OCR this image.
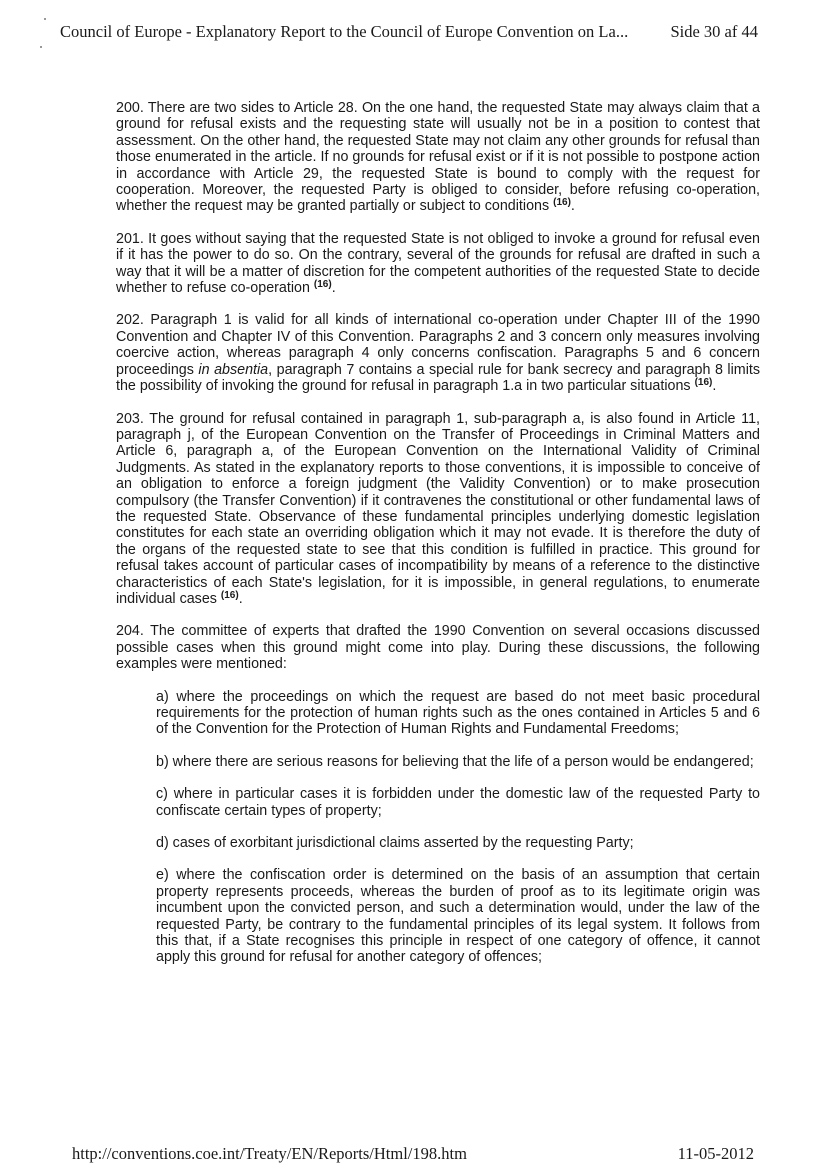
Council of Europe - Explanatory Report to the Council of Europe Convention on La...	Side 30 af 44

200. There are two sides to Article 28. On the one hand, the requested State may always claim that a ground for refusal exists and the requesting state will usually not be in a position to contest that assessment. On the other hand, the requested State may not claim any other grounds for refusal than those enumerated in the article. If no grounds for refusal exist or if it is not possible to postpone action in accordance with Article 29, the requested State is bound to comply with the request for cooperation. Moreover, the requested Party is obliged to consider, before refusing co-operation, whether the request may be granted partially or subject to conditions $^{(16)}$.

201. It goes without saying that the requested State is not obliged to invoke a ground for refusal even if it has the power to do so. On the contrary, several of the grounds for refusal are drafted in such a way that it will be a matter of discretion for the competent authorities of the requested State to decide whether to refuse co-operation $^{(16)}$.

202. Paragraph 1 is valid for all kinds of international co-operation under Chapter III of the 1990 Convention and Chapter IV of this Convention. Paragraphs 2 and 3 concern only measures involving coercive action, whereas paragraph 4 only concerns confiscation. Paragraphs 5 and 6 concern proceedings in absentia, paragraph 7 contains a special rule for bank secrecy and paragraph 8 limits the possibility of invoking the ground for refusal in paragraph 1.a in two particular situations $^{(16)}$.

203. The ground for refusal contained in paragraph 1, sub-paragraph a, is also found in Article 11, paragraph j, of the European Convention on the Transfer of Proceedings in Criminal Matters and Article 6, paragraph a, of the European Convention on the International Validity of Criminal Judgments. As stated in the explanatory reports to those conventions, it is impossible to conceive of an obligation to enforce a foreign judgment (the Validity Convention) or to make prosecution compulsory (the Transfer Convention) if it contravenes the constitutional or other fundamental laws of the requested State. Observance of these fundamental principles underlying domestic legislation constitutes for each state an overriding obligation which it may not evade. It is therefore the duty of the organs of the requested state to see that this condition is fulfilled in practice. This ground for refusal takes account of particular cases of incompatibility by means of a reference to the distinctive characteristics of each State's legislation, for it is impossible, in general regulations, to enumerate individual cases $^{(16)}$.

204. The committee of experts that drafted the 1990 Convention on several occasions discussed possible cases when this ground might come into play. During these discussions, the following examples were mentioned:

a) where the proceedings on which the request are based do not meet basic procedural requirements for the protection of human rights such as the ones contained in Articles 5 and 6 of the Convention for the Protection of Human Rights and Fundamental Freedoms;

b) where there are serious reasons for believing that the life of a person would be endangered;

c) where in particular cases it is forbidden under the domestic law of the requested Party to confiscate certain types of property;

d) cases of exorbitant jurisdictional claims asserted by the requesting Party;

e) where the confiscation order is determined on the basis of an assumption that certain property represents proceeds, whereas the burden of proof as to its legitimate origin was incumbent upon the convicted person, and such a determination would, under the law of the requested Party, be contrary to the fundamental principles of its legal system. It follows from this that, if a State recognises this principle in respect of one category of offence, it cannot apply this ground for refusal for another category of offences;

http://conventions.coe.int/Treaty/EN/Reports/Html/198.htm	11-05-2012
